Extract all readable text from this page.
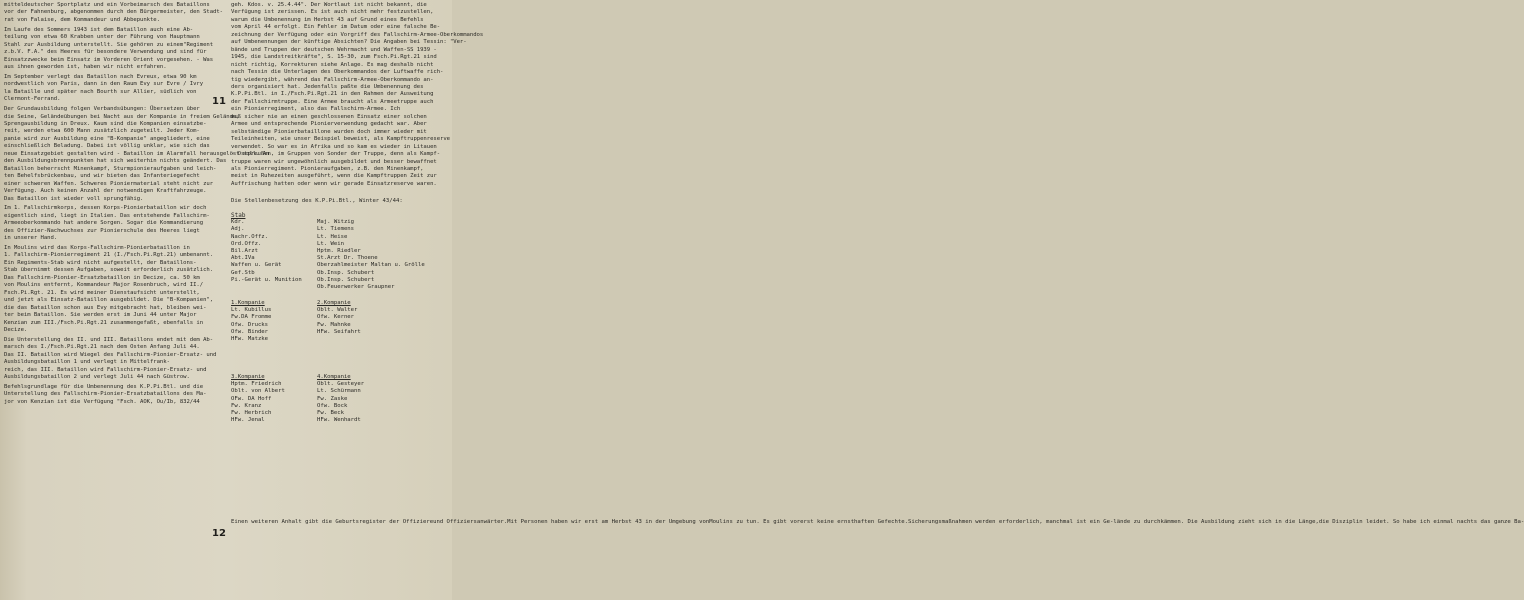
mitteldeutscher Sportplatz und ein Vorbeimarsch des Bataillons
vor der Fahnenburg, abgenommen durch den Bürgermeister, den Stadt-
rat von Falaise, dem Kommandeur und Abbepunkte.

Im Laufe des Sommers 1943 ist dem Bataillon auch eine Ab-
teilung von etwa 60 Krabben unter der Führung von Hauptmann
Stahl zur Ausbildung unterstellt. Sie gehören zu einem"Regiment
z.b.V. F.A." des Heeres für besondere Verwendung und sind für
Einsatzzwecke beim Einsatz im Vorderen Orient vorgesehen. - Was
aus ihnen geworden ist, haben wir nicht erfahren.

Im September verlegt das Bataillon nach Evreux, etwa 90 km
nordwestlich von Paris, dann in den Raum Evy sur Evre / Ivry
la Bataille und später nach Bourth sur Allier, südlich von
Clermont-Ferrand.

Der Grundausbildung folgen Verbandsübungen: Übersetzen über
die Seine, Geländeübungen bei Nacht aus der Kompanie in freiem Gelände,
Sprengausbildung in Dreux. Kaum sind die Kompanien einsatzbe-
reit, werden etwa 600 Mann zusätzlich zugeteilt. Jeder Kom-
panie wird zur Ausbildung eine "B-Kompanie" angegliedert, eine
einschließlich Beladung. Dabei ist völlig unklar, wie sich das
neue Einsatzgebiet gestalten wird - Bataillon im Alarmfall herausgelöst soll. An
den Ausbildungsbrennpunkten hat sich weiterhin nichts geändert. Das
Bataillon beherrscht Minenkampf, Sturmpionieraufgaben und leich-
ten Behelfsbrückenbau, und wir bieten das Infanteriegefecht
einer schweren Waffen. Schweres Pioniermaterial steht nicht zur
Verfügung. Auch keinen Anzahl der notwendigen Kraftfahrzeuge.
Das Bataillon ist wieder voll sprungfähig.

Im 1. Fallschirmkorps, dessen Korps-Pionierbataillon wir doch
eigentlich sind, liegt in Italien. Das entstehende Fallschirm-
Armeeoberkommando hat andere Sorgen. Sogar die Kommandierung
des Offizier-Nachwuchses zur Pionierschule des Heeres liegt
in unserer Hand.

In Moulins wird das Korps-Fallschirm-Pionierbataillon in
1. Fallschirm-Pionierregiment 21 (I./Fsch.Pi.Rgt.21) umbenannt.
Ein Regiments-Stab wird nicht aufgestellt, der Bataillons-
Stab übernimmt dessen Aufgaben, soweit erforderlich zusätzlich.
Das Fallschirm-Pionier-Ersatzbataillon in Decize, ca. 50 km
von Moulins entfernt, Kommandeur Major Rosenbruch, wird II./
Fsch.Pi.Rgt. 21. Es wird meiner Dienstaufsicht unterstellt,
und jetzt als Einsatz-Bataillon ausgebildet. Die "B-Kompanien",
die das Bataillon schon aus Evy mitgebracht hat, bleiben wei-
ter beim Bataillon. Sie werden erst im Juni 44 unter Major
Kenzian zum III./Fsch.Pi.Rgt.21 zusammengefaßt, ebenfalls in
Decize.

Die Unterstellung des II. und III. Bataillons endet mit dem Ab-
marsch des I./Fsch.Pi.Rgt.21 nach dem Osten Anfang Juli 44.
Das II. Bataillon wird Wiegel des Fallschirm-Pionier-Ersatz- und
Ausbildungsbataillon 1 und verlegt in Mittelfrank-
reich, das III. Bataillon wird Fallschirm-Pionier-Ersatz- und
Ausbildungsbataillon 2 und verlegt Juli 44 nach Güstrow.

Befehlsgrundlage für die Umbenennung des K.P.Pi.Btl. und die
Unterstellung des Fallschirm-Pionier-Ersatzbataillons des Ma-
jor von Kenzian ist die Verfügung "Fsch. AOK, Ou/Ib, 832/44

11
12
geh. Kdos. v. 25.4.44". Der Wortlaut ist nicht bekannt, die
Verfügung ist zerissen. Es ist auch nicht mehr festzustellen,
warum die Umbenennung im Herbst 43 auf Grund eines Befehls
vom April 44 erfolgt. Ein Fehler im Datum oder eine falsche Be-
zeichnung der Verfügung oder ein Vorgriff des Fallschirm-Armee-Oberkommandos
auf Umbenennungen der künftige Absichten? Die Angaben bei Tessin: "Ver-
bände und Truppen der deutschen Wehrmacht und Waffen-SS 1939 -
1945, die Landstreitkräfte", S. 15-30, zum Fsch.Pi.Rgt.21 sind
nicht richtig, Korrekturen siehe Anlage. Es mag deshalb nicht
nach Tessin die Unterlagen des Oberkommandos der Luftwaffe rich-
tig wiedergibt, während das Fallschirm-Armee-Oberkommando an-
ders organisiert hat. Jedenfalls paßte die Umbenennung des
K.P.Pi.Btl. in I./Fsch.Pi.Rgt.21 in den Rahmen der Ausweitung
der Fallschirmtruppe. Eine Armee braucht als Armeetruppe auch
ein Pionierregiment, also das Fallschirm-Armee. Ich
muß sicher nie an einen geschlossenen Einsatz einer solchen
Armee und entsprechende Pionierverwendung gedacht war. Aber
selbständige Pionierbataillone wurden doch immer wieder mit
Teileinheiten, wie unser Beispiel beweist, als Kampftruppenreserve
verwendet. So war es in Afrika und so kam es wieder in Litauen
- Ostpreußen, im Gruppen von Sonder der Truppe, denn als Kampf-
truppe waren wir ungewöhnlich ausgebildet und besser bewaffnet
als Pionierregiment. Pionieraufgaben, z.B. den Minenkampf,
meist in Ruhezeiten ausgeführt, wenn die Kampftruppen Zeit zur
Auffrischung hatten oder wenn wir gerade Einsatzreserve waren.
Die Stellenbesetzung des K.P.Pi.Btl., Winter 43/44:
Stab
Kdr.	Maj. Witzig
Adj.	Lt. Tiemens
Nachr.Offz.	Lt. Heise
Ord.Offz.	Lt. Wein
Bil.Arzt	Hptm. Riedler
Abt.IVa	St.Arzt Dr. Thoene
Waffen u. Gerät	Oberzahlmeister Maltan u. Grölle
Gef.Stb	Ob.Insp. Schubert
Pi.-Gerät u. Munition	Ob.Insp. Schubert
Ob.Feuerwerker Graupner
1.Kompanie	2.Kompanie
Lt. Kubillus	Oblt. Walter
Fw.DA Fromme	Ofw. Kerner
Ofw. Drucks	Fw. Mahnke
Ofw. Binder	HFw. Seifahrt
HFw. Matzke
3.Kompanie	4.Kompanie
Hptm. Friedrich	Oblt. Gesteyer
Oblt. von Albert	Lt. Schürmann
OFw. DA Hoff	Fw. Zaske
Fw. Kranz	Ofw. Bock
Fw. Herbrich	Fw. Beck
HFw. Jenal	HFw. Wenhardt
Einen weiteren Anhalt gibt die Geburtsregister der Offiziereund Offiziersanwärter.Mit Personen haben wir erst am Herbst 43 in der Umgebung vonMoulins zu tun. Es gibt vorerst keine ernsthaften Gefechte.Sicherungsmaßnahmen werden erforderlich, manchmal ist ein Ge-lände zu durchkämmen. Die Ausbildung zieht sich in die Länge,die Disziplin leidet. So habe ich einmal nachts das ganze Ba-
